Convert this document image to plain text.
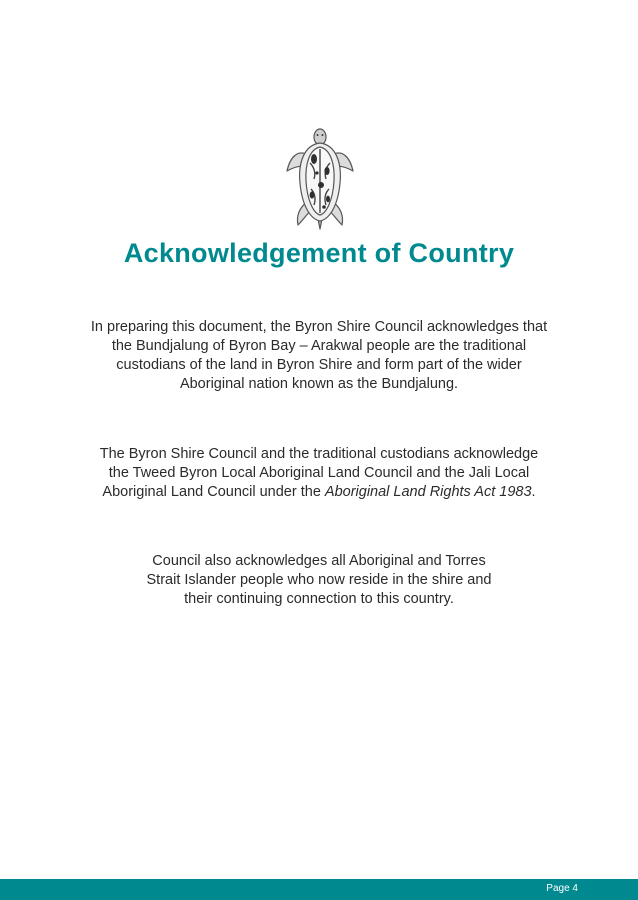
Acknowledgement of Country

In preparing this document, the Byron Shire Council acknowledges that
the Bundjalung of Byron Bay – Arakwal people are the traditional
custodians of the land in Byron Shire and form part of the wider
Aboriginal nation known as the Bundjalung.

The Byron Shire Council and the traditional custodians acknowledge
the Tweed Byron Local Aboriginal Land Council and the Jali Local
Aboriginal Land Council under the Aboriginal Land Rights Act 1983.

Council also acknowledges all Aboriginal and Torres
Strait Islander people who now reside in the shire and
their continuing connection to this country.

Page 4
